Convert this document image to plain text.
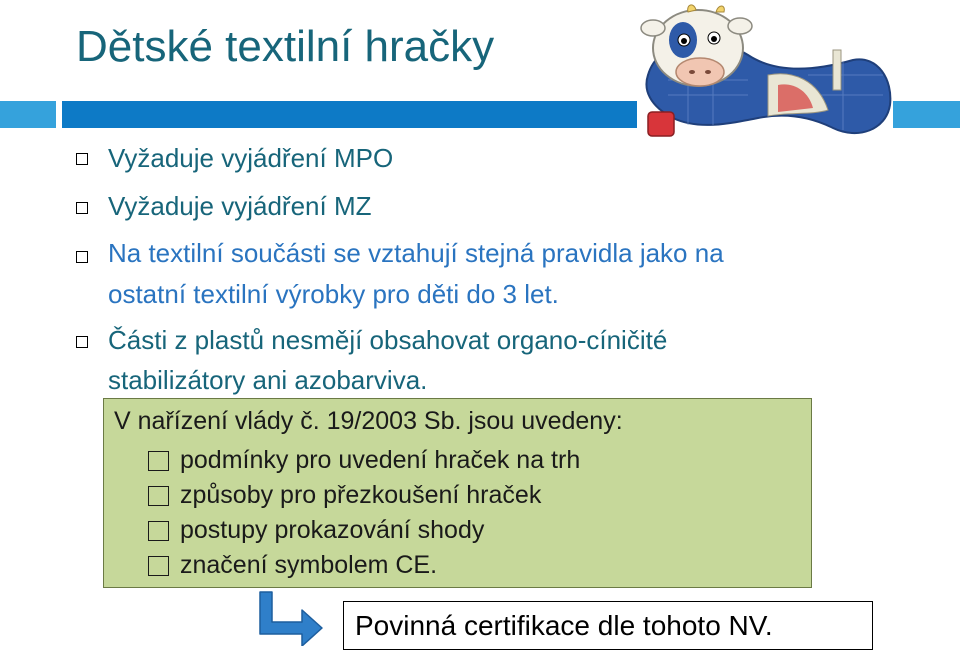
Dětské textilní hračky
Vyžaduje vyjádření MPO
Vyžaduje vyjádření MZ
Na textilní součásti se vztahují stejná pravidla jako na
ostatní textilní výrobky pro děti do 3 let.
Části z plastů nesmějí obsahovat organo-cíničité
stabilizátory ani azobarviva.
V nařízení vlády č. 19/2003 Sb. jsou uvedeny:
podmínky pro uvedení hraček na trh
způsoby pro přezkoušení hraček
postupy prokazování shody
značení symbolem CE.
Povinná certifikace dle tohoto NV.
